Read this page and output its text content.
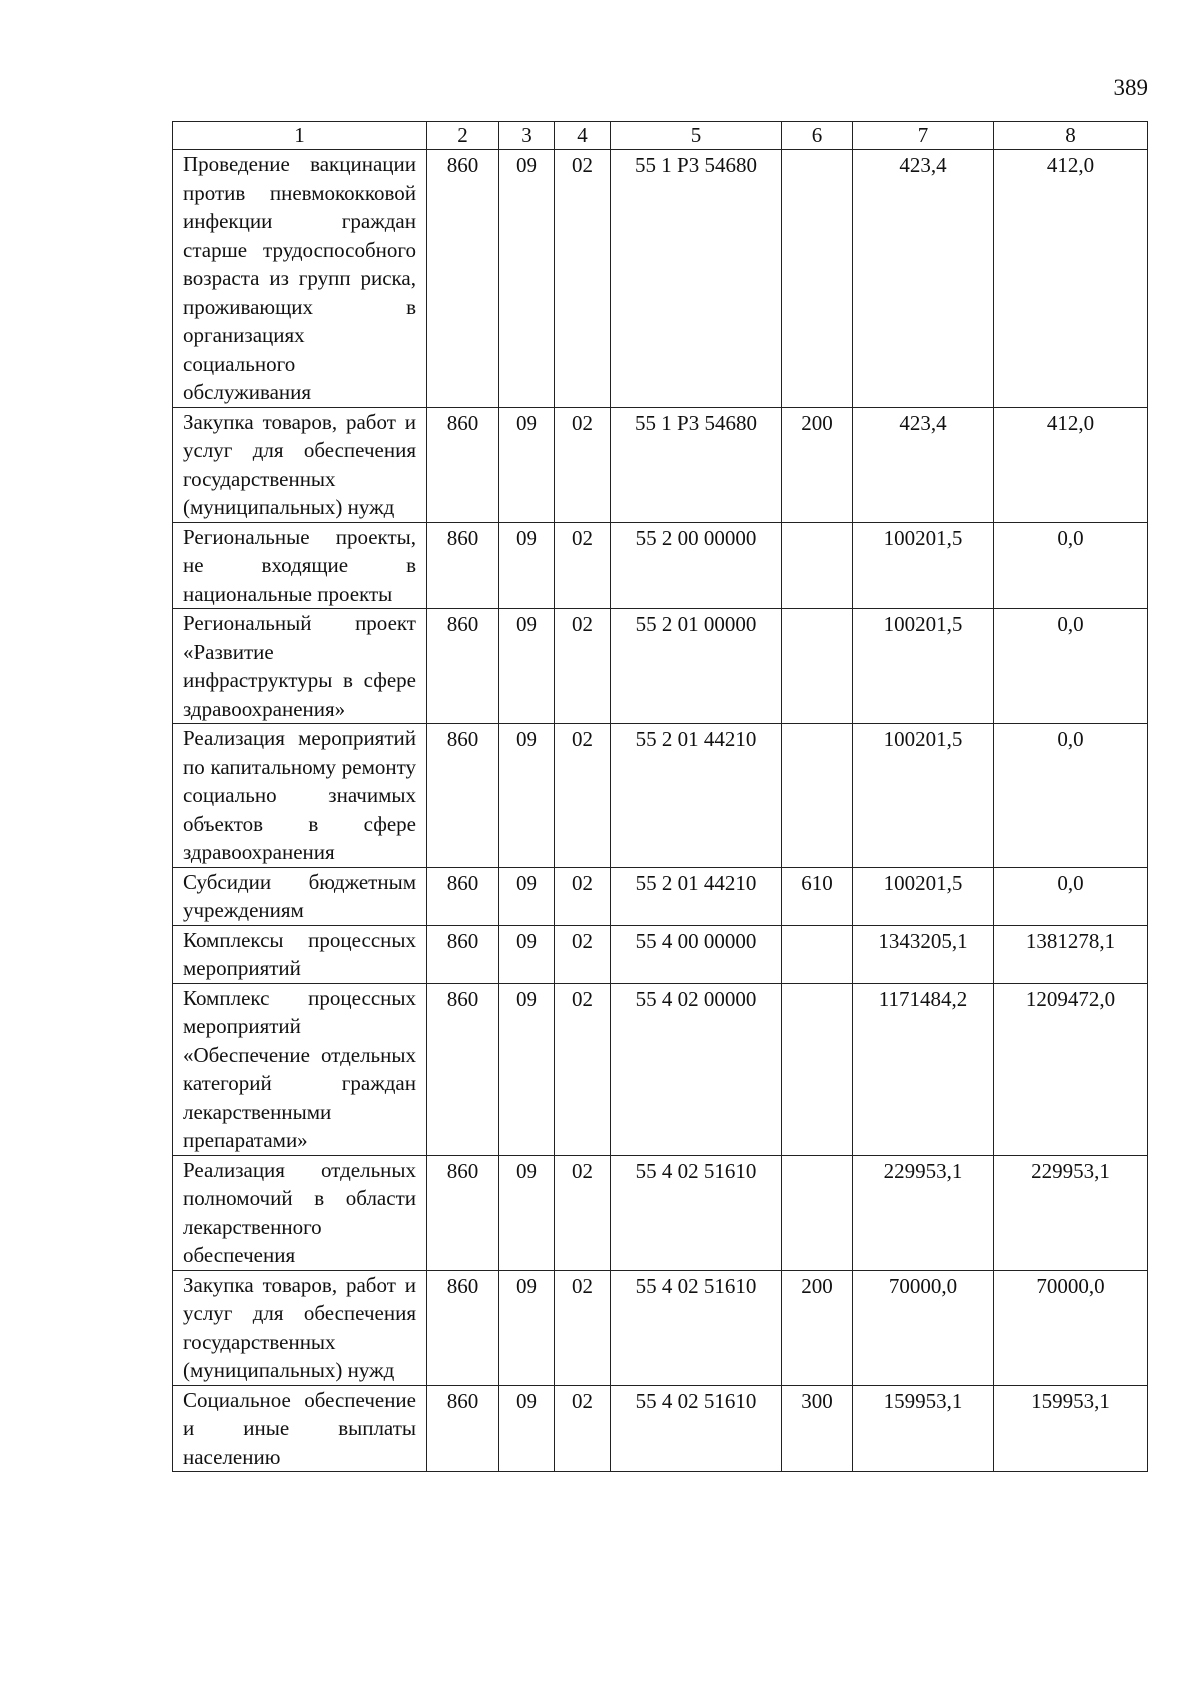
389
1	2	3	4	5	6	7	8
Проведение вакцинации против пневмококковой инфекции граждан старше трудоспособного возраста из групп риска, проживающих в организациях социального обслуживания	860	09	02	55 1 Р3 54680		423,4	412,0
Закупка товаров, работ и услуг для обеспечения государственных (муниципальных) нужд	860	09	02	55 1 Р3 54680	200	423,4	412,0
Региональные проекты, не входящие в национальные проекты	860	09	02	55 2 00 00000		100201,5	0,0
Региональный проект «Развитие инфраструктуры в сфере здравоохранения»	860	09	02	55 2 01 00000		100201,5	0,0
Реализация мероприятий по капитальному ремонту социально значимых объектов в сфере здравоохранения	860	09	02	55 2 01 44210		100201,5	0,0
Субсидии бюджетным учреждениям	860	09	02	55 2 01 44210	610	100201,5	0,0
Комплексы процессных мероприятий	860	09	02	55 4 00 00000		1343205,1	1381278,1
Комплекс процессных мероприятий «Обеспечение отдельных категорий граждан лекарственными препаратами»	860	09	02	55 4 02 00000		1171484,2	1209472,0
Реализация отдельных полномочий в области лекарственного обеспечения	860	09	02	55 4 02 51610		229953,1	229953,1
Закупка товаров, работ и услуг для обеспечения государственных (муниципальных) нужд	860	09	02	55 4 02 51610	200	70000,0	70000,0
Социальное обеспечение и иные выплаты населению	860	09	02	55 4 02 51610	300	159953,1	159953,1
